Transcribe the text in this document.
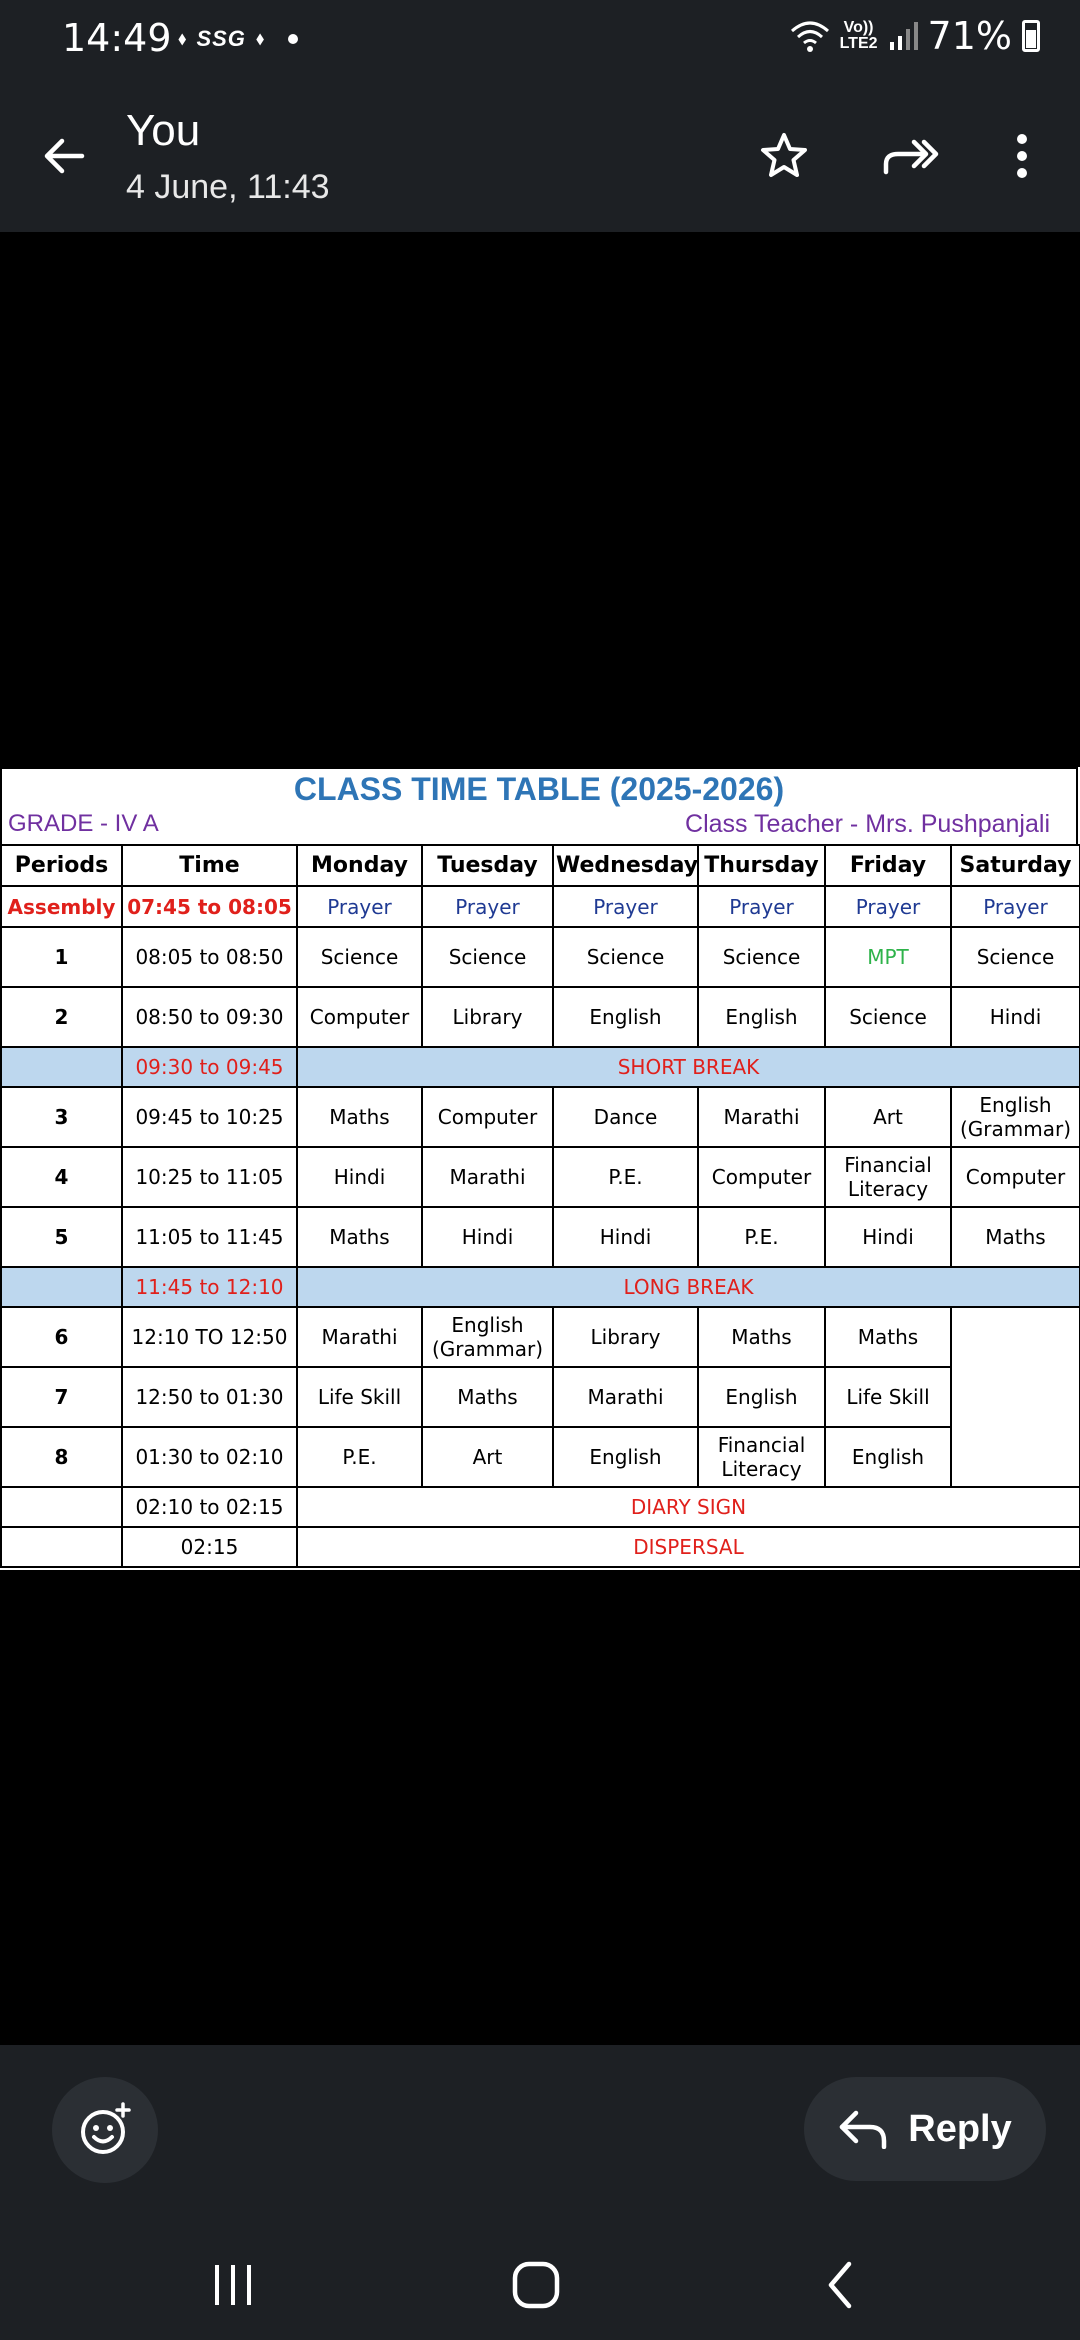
14:49 ⬪ SSG ⬪	Vo))
LTE2 71%
You
4 June, 11:43
CLASS TIME TABLE (2025-2026)
GRADE - IV A	Class Teacher - Mrs. Pushpanjali
Periods	Time	Monday	Tuesday	Wednesday	Thursday	Friday	Saturday
Assembly	07:45 to 08:05	Prayer	Prayer	Prayer	Prayer	Prayer	Prayer
1	08:05 to 08:50	Science	Science	Science	Science	MPT	Science
2	08:50 to 09:30	Computer	Library	English	English	Science	Hindi
	09:30 to 09:45	SHORT BREAK					
3	09:45 to 10:25	Maths	Computer	Dance	Marathi	Art	English (Grammar)
4	10:25 to 11:05	Hindi	Marathi	P.E.	Computer	Financial Literacy	Computer
5	11:05 to 11:45	Maths	Hindi	Hindi	P.E.	Hindi	Maths
	11:45 to 12:10	LONG BREAK					
6	12:10 TO 12:50	Marathi	English (Grammar)	Library	Maths	Maths	
7	12:50 to 01:30	Life Skill	Maths	Marathi	English	Life Skill	
8	01:30 to 02:10	P.E.	Art	English	Financial Literacy	English	
	02:10 to 02:15	DIARY SIGN					
	02:15	DISPERSAL					
Reply
